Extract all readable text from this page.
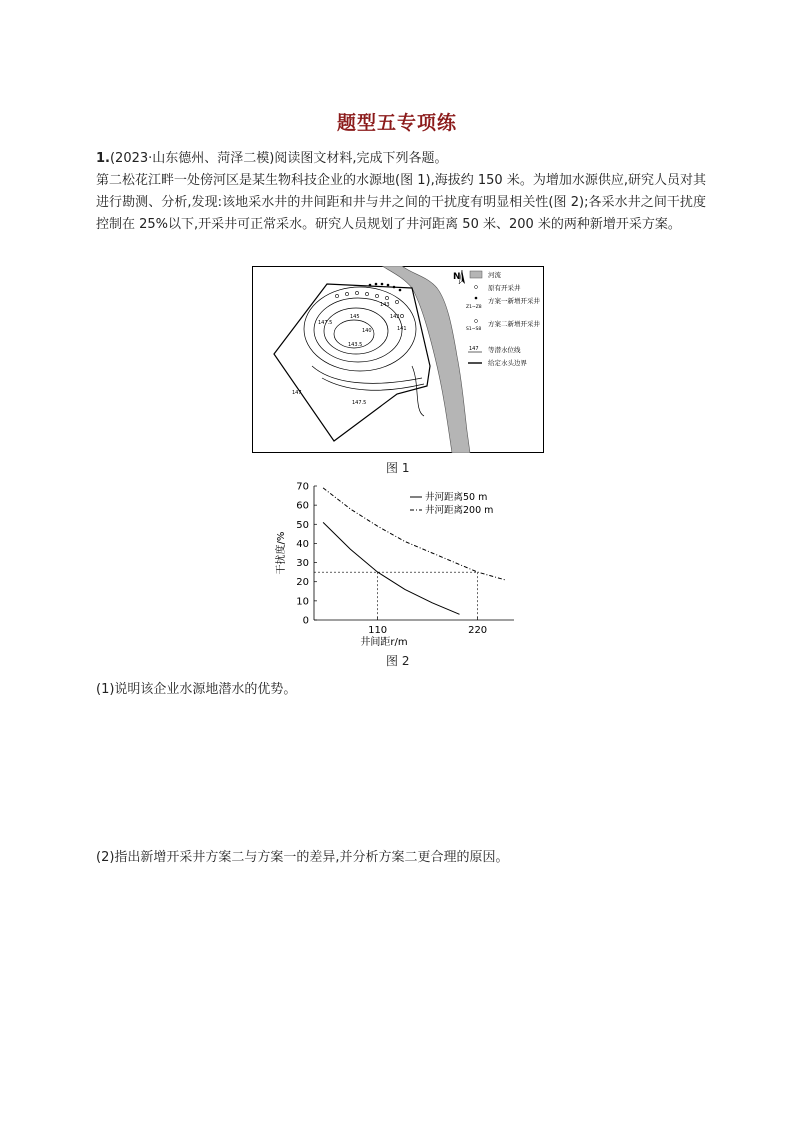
题型五专项练
1.(2023·山东德州、菏泽二模)阅读图文材料,完成下列各题。
第二松花江畔一处傍河区是某生物科技企业的水源地(图 1),海拔约 150 米。为增加水源供应,研究人员对其进行勘测、分析,发现:该地采水井的井间距和井与井之间的干扰度有明显相关性(图 2);各采水井之间干扰度控制在 25%以下,开采井可正常采水。研究人员规划了井河距离 50 米、200 米的两种新增开采方案。
147.5
145
143.5
140
143
142
141
147.5
147
N	河流
原有开采井
Z1~Z8
方案一新增开采井
S1~S8
方案二新增开采井
147 等潜水位线
给定水头边界
图 1
0
10
20
30
40
50
60
70
110	220
井河距离50 m
井河距离200 m
井间距r/m
干扰度/%
图 2
(1)说明该企业水源地潜水的优势。
(2)指出新增开采井方案二与方案一的差异,并分析方案二更合理的原因。
